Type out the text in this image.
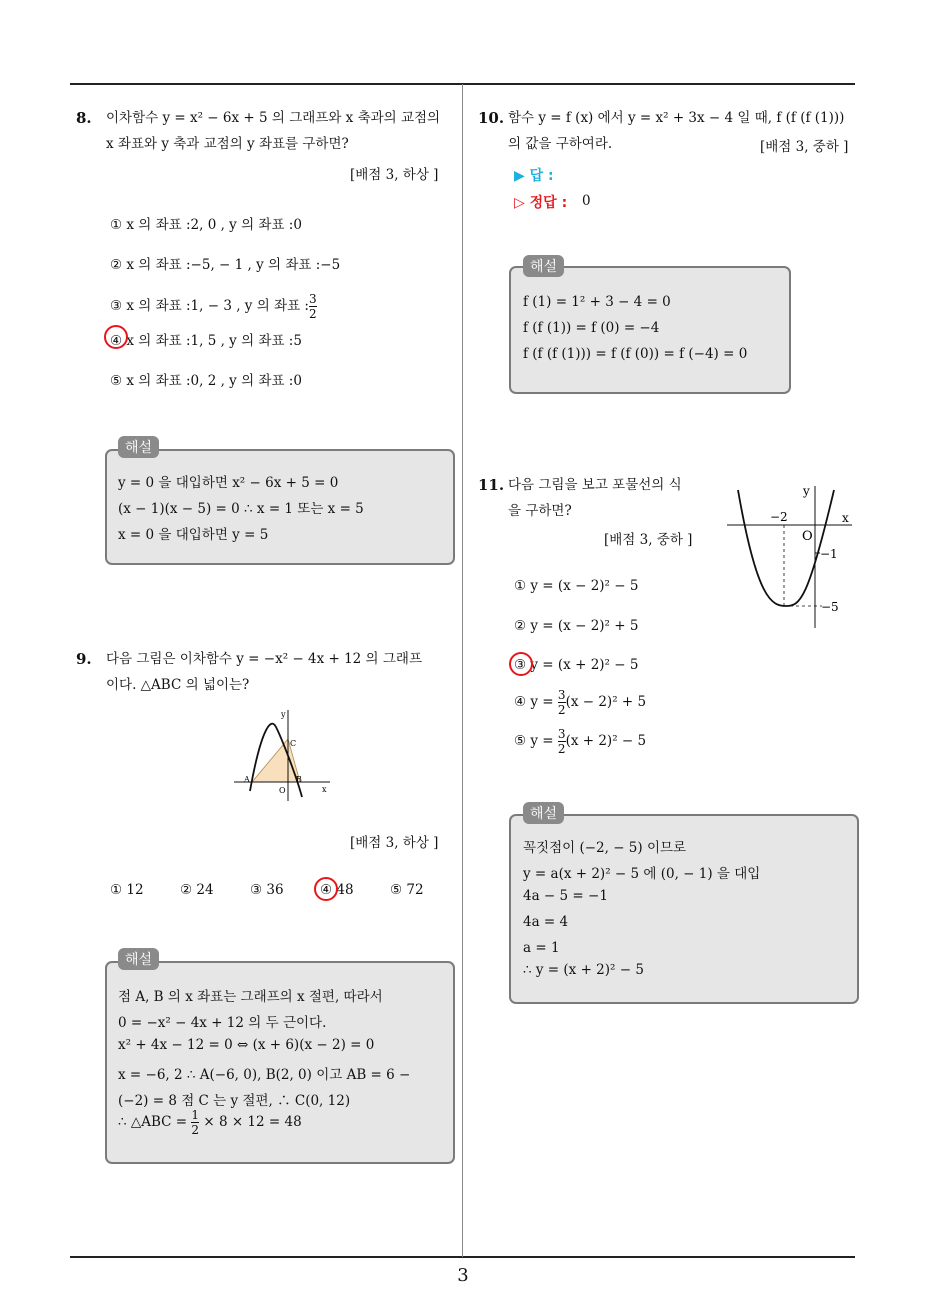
3
8. 이차함수 y = x² − 6x + 5 의 그래프와 x 축과의 교점의
x 좌표와 y 축과 교점의 y 좌표를 구하면?
[배점 3, 하상 ]
① x 의 좌표 :2, 0 , y 의 좌표 :0
② x 의 좌표 :−5, − 1 , y 의 좌표 :−5
③ x 의 좌표 :1, − 3 , y 의 좌표 : $\frac{3}{2}$
④ x 의 좌표 :1, 5 , y 의 좌표 :5
⑤ x 의 좌표 :0, 2 , y 의 좌표 :0
해설
y = 0 을 대입하면 x² − 6x + 5 = 0
(x − 1)(x − 5) = 0 ∴ x = 1 또는 x = 5
x = 0 을 대입하면 y = 5
9. 다음 그림은 이차함수 y = −x² − 4x + 12 의 그래프
이다. △ABC 의 넓이는?
y
x
A	B
C
O
[배점 3, 하상 ]
① 12	② 24	③ 36	④ 48	⑤ 72
해설
점 A, B 의 x 좌표는 그래프의 x 절편, 따라서
0 = −x² − 4x + 12 의 두 근이다.
x² + 4x − 12 = 0 ⇔ (x + 6)(x − 2) = 0
x = −6, 2 ∴ A(−6, 0), B(2, 0) 이고 AB = 6 −
(−2) = 8 점 C 는 y 절편, ∴ C(0, 12)
∴ △ABC = $\frac{1}{2} \times 8 \times 12 = 48$
10. 함수 y = f (x) 에서 y = x² + 3x − 4 일 때, f (f (f (1)))
의 값을 구하여라.	[배점 3, 중하 ]
▶ 답 :
▷ 정답 : 0
해설
f (1) = 1² + 3 − 4 = 0
f (f (1)) = f (0) = −4
f (f (f (1))) = f (f (0)) = f (−4) = 0
11. 다음 그림을 보고 포물선의 식
을 구하면?
[배점 3, 중하 ]
y
x
O
−2
−1
−5
① y = (x − 2)² − 5
② y = (x − 2)² + 5
③ y = (x + 2)² − 5
④ $y = \frac{3}{2} (x - 2)^2 + 5$
⑤ $y = \frac{3}{2} (x + 2)^2 - 5$
해설
꼭짓점이 (−2, − 5) 이므로
y = a(x + 2)² − 5 에 (0, − 1) 을 대입
4a − 5 = −1
4a = 4
a = 1
∴ y = (x + 2)² − 5
